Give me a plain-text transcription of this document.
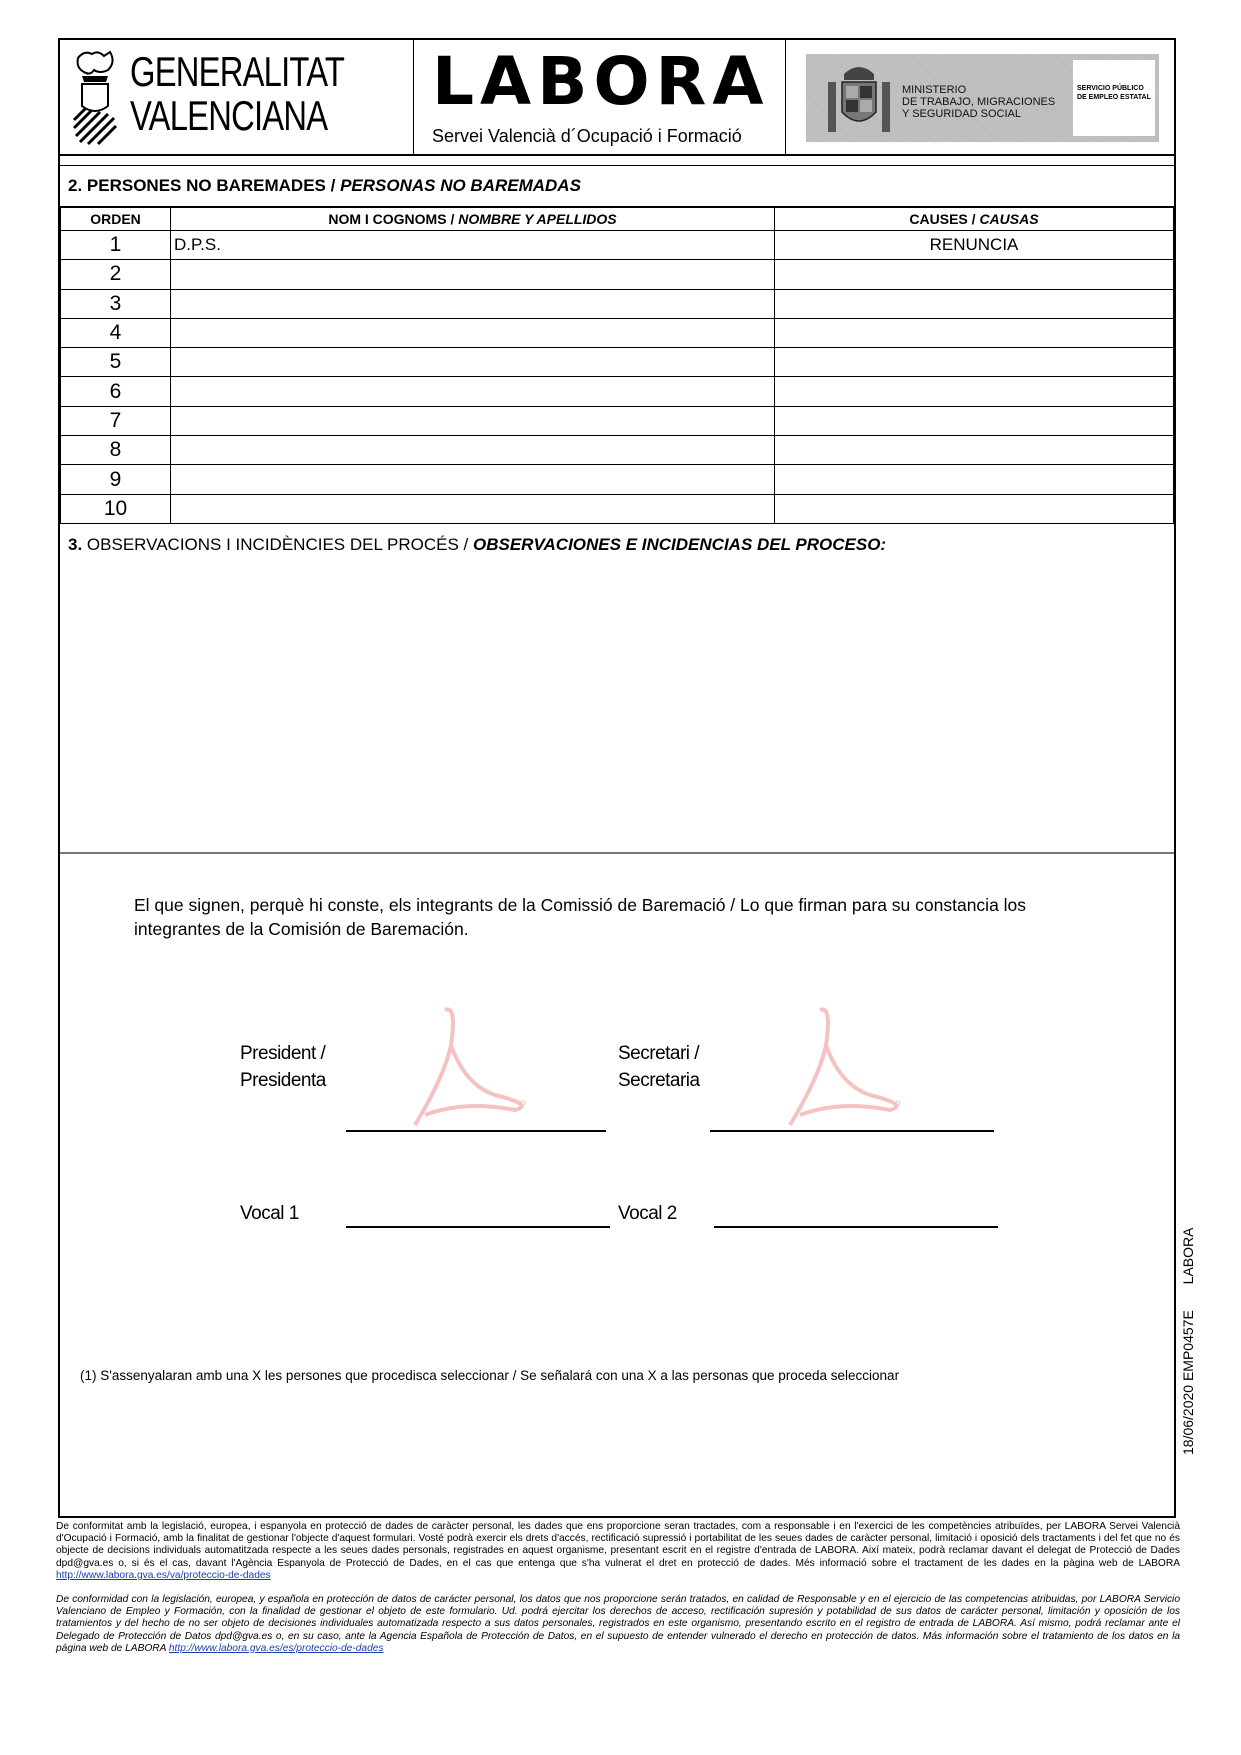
GENERALITAT
VALENCIANA LABORA
Servei Valencià d´Ocupació i Formació
MINISTERIO
DE TRABAJO, MIGRACIONES
Y SEGURIDAD SOCIAL
SERVICIO PÚBLICO
DE EMPLEO ESTATAL
2. PERSONES NO BAREMADES / PERSONAS NO BAREMADAS
ORDEN	NOM I COGNOMS / NOMBRE Y APELLIDOS	CAUSES / CAUSAS
1	D.P.S.	RENUNCIA
2		
3		
4		
5		
6		
7		
8		
9		
10		
3. OBSERVACIONS I INCIDÈNCIES DEL PROCÉS / OBSERVACIONES E INCIDENCIAS DEL PROCESO:
El que signen, perquè hi conste, els integrants de la Comissió de Baremació / Lo que firman para su constancia los integrantes de la Comisión de Baremación.
President /
Presidenta
Secretari /
Secretaria
Vocal 1	Vocal 2
(1) S'assenyalaran amb una X les persones que procedisca seleccionar / Se señalará con una X a las personas que proceda seleccionar	18/06/2020 EMP0457E LABORA
De conformitat amb la legislació, europea, i espanyola en protecció de dades de caràcter personal, les dades que ens proporcione seran tractades, com a responsable i en l'exercici de les competències atribuïdes, per LABORA Servei Valencià d'Ocupació i Formació, amb la finalitat de gestionar l'objecte d'aquest formulari. Vosté podrà exercir els drets d'accés, rectificació supressió i portabilitat de les seues dades de caràcter personal, limitació i oposició dels tractaments i del fet que no és objecte de decisions individuals automatitzada respecte a les seues dades personals, registrades en aquest organisme, presentant escrit en el registre d'entrada de LABORA. Així mateix, podrà reclamar davant el delegat de Protecció de Dades dpd@gva.es o, si és el cas, davant l'Agència Espanyola de Protecció de Dades, en el cas que entenga que s'ha vulnerat el dret en protecció de dades. Més informació sobre el tractament de les dades en la pàgina web de LABORA http://www.labora.gva.es/va/proteccio-de-dades
De conformidad con la legislación, europea, y española en protección de datos de carácter personal, los datos que nos proporcione serán tratados, en calidad de Responsable y en el ejercicio de las competencias atribuidas, por LABORA Servicio Valenciano de Empleo y Formación, con la finalidad de gestionar el objeto de este formulario. Ud. podrá ejercitar los derechos de acceso, rectificación supresión y potabilidad de sus datos de carácter personal, limitación y oposición de los tratamientos y del hecho de no ser objeto de decisiones individuales automatizada respecto a sus datos personales, registrados en este organismo, presentando escrito en el registro de entrada de LABORA. Así mismo, podrá reclamar ante el Delegado de Protección de Datos dpd@gva.es o, en su caso, ante la Agencia Española de Protección de Datos, en el supuesto de entender vulnerado el derecho en protección de datos. Más información sobre el tratamiento de los datos en la página web de LABORA http://www.labora.gva.es/es/proteccio-de-dades
